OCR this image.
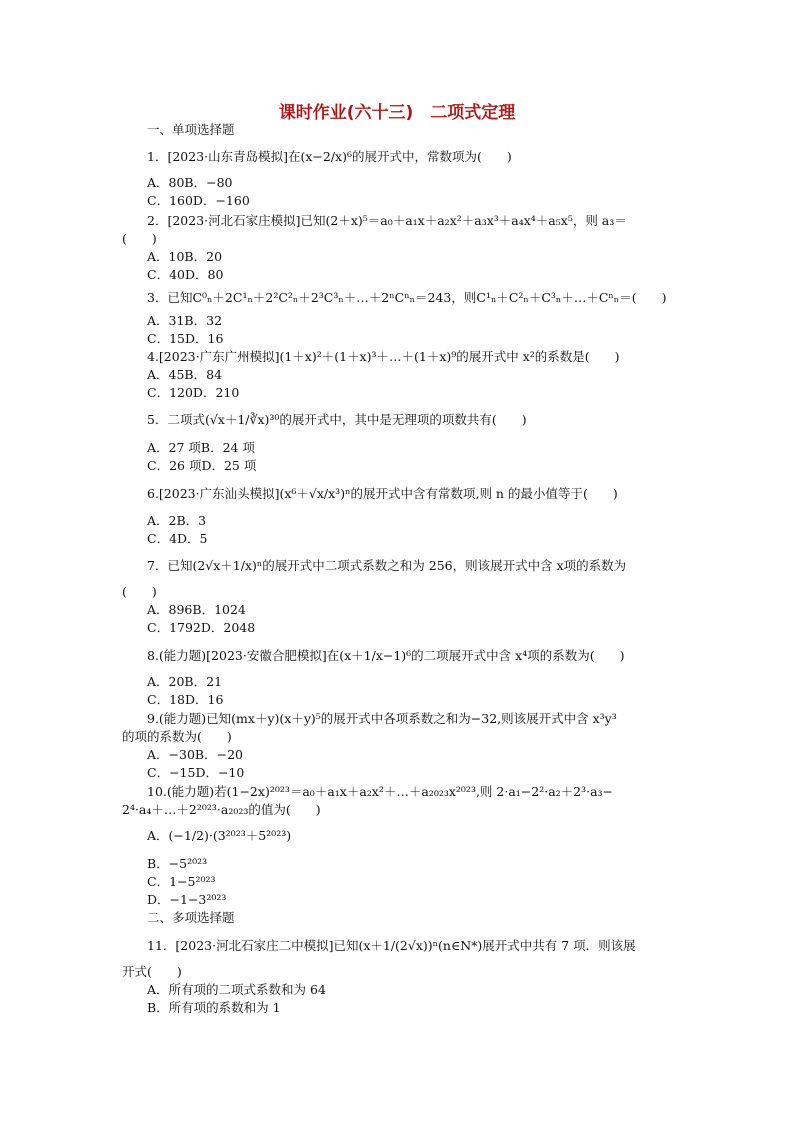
课时作业(六十三)　二项式定理
一、单项选择题
1．[2023·山东青岛模拟]在(x−2/x)⁶的展开式中，常数项为(　　)
A．80B．−80
C．160D．−160
2．[2023·河北石家庄模拟]已知(2＋x)⁵＝a₀＋a₁x＋a₂x²＋a₃x³＋a₄x⁴＋a₅x⁵，则 a₃＝
(　　)
A．10B．20
C．40D．80
3．已知C⁰ₙ＋2C¹ₙ＋2²C²ₙ＋2³C³ₙ＋…＋2ⁿCⁿₙ＝243，则C¹ₙ＋C²ₙ＋C³ₙ＋…＋Cⁿₙ＝(　　)
A．31B．32
C．15D．16
4.[2023·广东广州模拟](1＋x)²＋(1＋x)³＋…＋(1＋x)⁹的展开式中 x²的系数是(　　)
A．45B．84
C．120D．210
5．二项式(√x＋1/∛x)³⁰的展开式中，其中是无理项的项数共有(　　)
A．27 项B．24 项
C．26 项D．25 项
6.[2023·广东汕头模拟](x⁶＋√x/x³)ⁿ的展开式中含有常数项,则 n 的最小值等于(　　)
A．2B．3
C．4D．5
7．已知(2√x＋1/x)ⁿ的展开式中二项式系数之和为 256，则该展开式中含 x项的系数为
(　　)
A．896B．1024
C．1792D．2048
8.(能力题)[2023·安徽合肥模拟]在(x＋1/x−1)⁶的二项展开式中含 x⁴项的系数为(　　)
A．20B．21
C．18D．16
9.(能力题)已知(mx＋y)(x＋y)⁵的展开式中各项系数之和为−32,则该展开式中含 x³y³
的项的系数为(　　)
A．−30B．−20
C．−15D．−10
10.(能力题)若(1−2x)²⁰²³＝a₀＋a₁x＋a₂x²＋…＋a₂₀₂₃x²⁰²³,则 2·a₁−2²·a₂＋2³·a₃−
2⁴·a₄＋…＋2²⁰²³·a₂₀₂₃的值为(　　)
A．(−1/2)·(3²⁰²³＋5²⁰²³)
B．−5²⁰²³
C．1−5²⁰²³
D．−1−3²⁰²³
二、多项选择题
11．[2023·河北石家庄二中模拟]已知(x＋1/(2√x))ⁿ(n∈N*)展开式中共有 7 项．则该展
开式(　　)
A．所有项的二项式系数和为 64
B．所有项的系数和为 1
